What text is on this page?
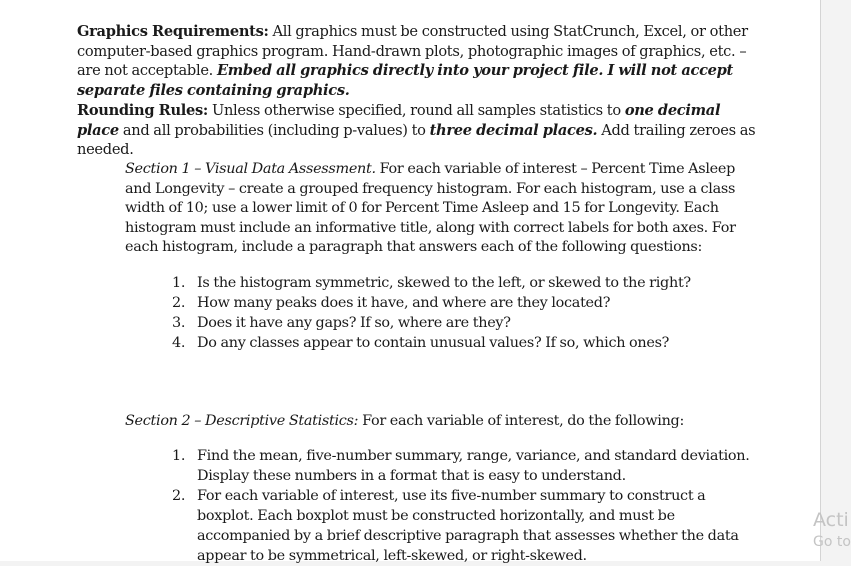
Graphics Requirements: All graphics must be constructed using StatCrunch, Excel, or other computer-based graphics program. Hand-drawn plots, photographic images of graphics, etc. – are not acceptable. Embed all graphics directly into your project file. I will not accept separate files containing graphics.

Rounding Rules: Unless otherwise specified, round all samples statistics to one decimal place and all probabilities (including p-values) to three decimal places. Add trailing zeroes as needed.

Section 1 – Visual Data Assessment. For each variable of interest – Percent Time Asleep and Longevity – create a grouped frequency histogram. For each histogram, use a class width of 10; use a lower limit of 0 for Percent Time Asleep and 15 for Longevity. Each histogram must include an informative title, along with correct labels for both axes. For each histogram, include a paragraph that answers each of the following questions:

1. Is the histogram symmetric, skewed to the left, or skewed to the right?
2. How many peaks does it have, and where are they located?
3. Does it have any gaps? If so, where are they?
4. Do any classes appear to contain unusual values? If so, which ones?

Section 2 – Descriptive Statistics: For each variable of interest, do the following:

1. Find the mean, five-number summary, range, variance, and standard deviation. Display these numbers in a format that is easy to understand.
2. For each variable of interest, use its five-number summary to construct a boxplot. Each boxplot must be constructed horizontally, and must be accompanied by a brief descriptive paragraph that assesses whether the data appear to be symmetrical, left-skewed, or right-skewed.
Acti
Go to
